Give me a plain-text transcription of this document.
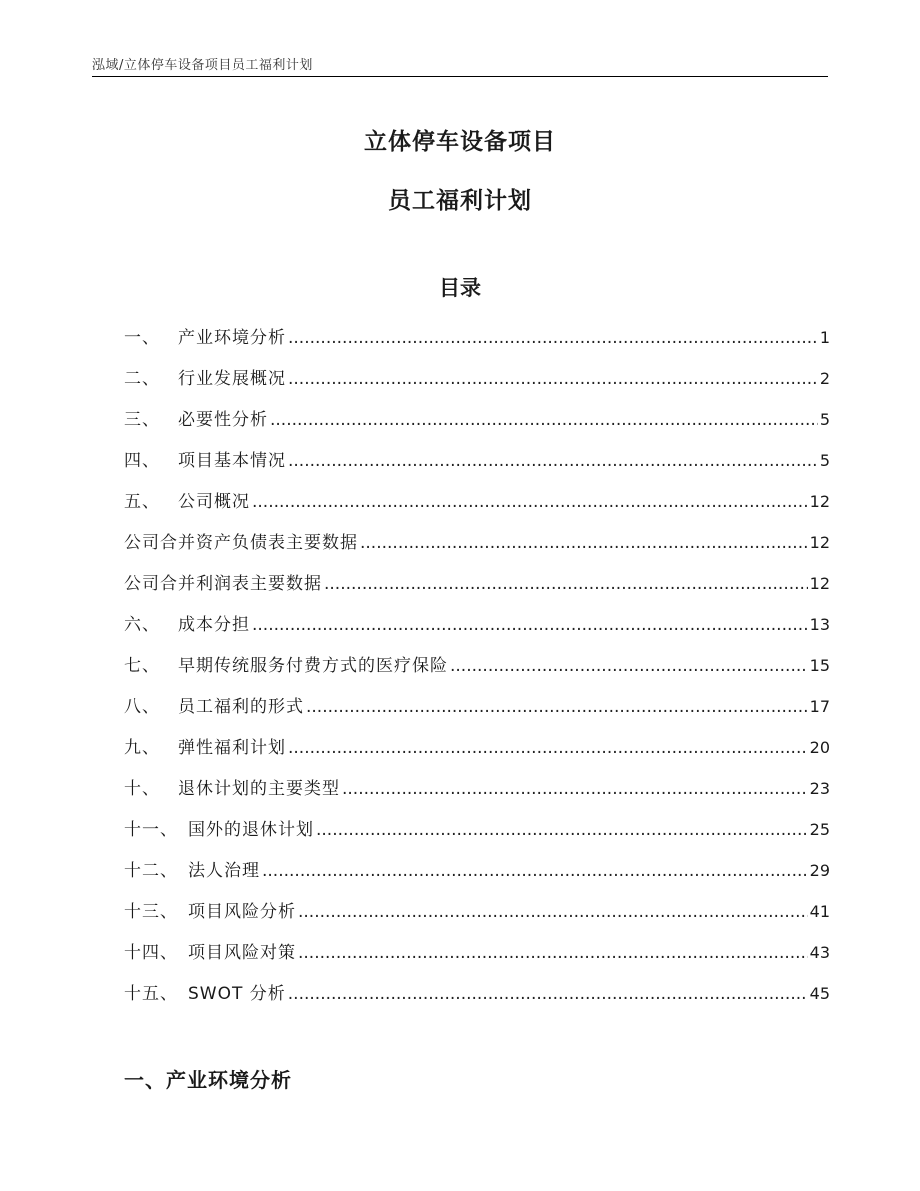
泓域/立体停车设备项目员工福利计划
立体停车设备项目
员工福利计划
目录
一、 产业环境分析 .....	1
二、 行业发展概况 .....	2
三、 必要性分析 .....	5
四、 项目基本情况 .....	5
五、 公司概况 .....	12
公司合并资产负债表主要数据 .....	12
公司合并利润表主要数据 .....	12
六、 成本分担 .....	13
七、 早期传统服务付费方式的医疗保险 .....	15
八、 员工福利的形式 .....	17
九、 弹性福利计划 .....	20
十、 退休计划的主要类型 .....	23
十一、 国外的退休计划 .....	25
十二、 法人治理 .....	29
十三、 项目风险分析 .....	41
十四、 项目风险对策 .....	43
十五、 SWOT 分析 .....	45
一、产业环境分析
